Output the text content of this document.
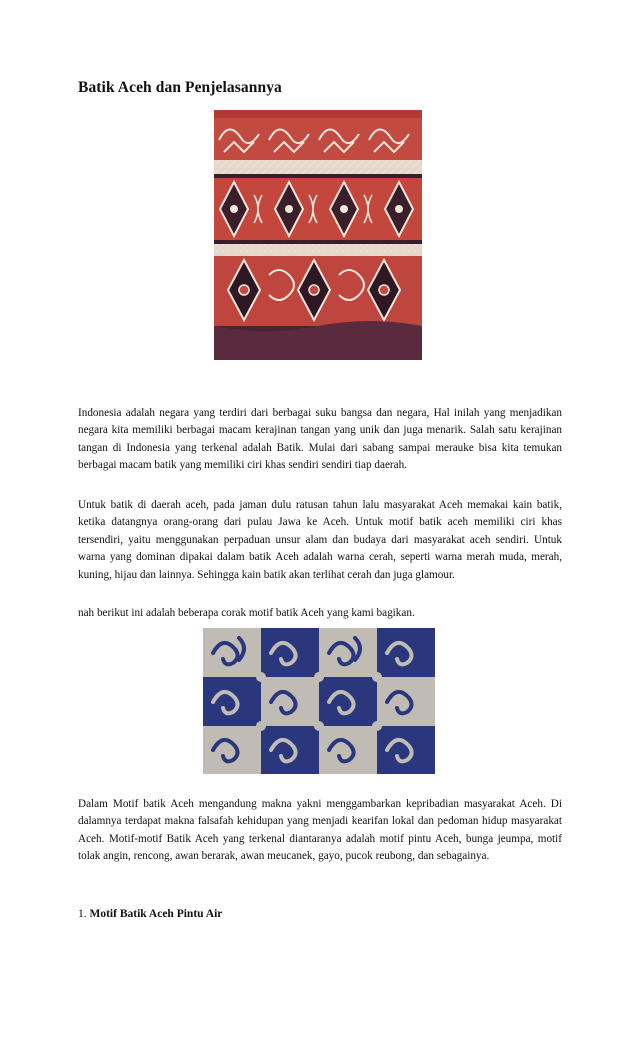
Batik Aceh dan Penjelasannya

Indonesia adalah negara yang terdiri dari berbagai suku bangsa dan negara, Hal inilah yang menjadikan negara kita memiliki berbagai macam kerajinan tangan yang unik dan juga menarik. Salah satu kerajinan tangan di Indonesia yang terkenal adalah Batik. Mulai dari sabang sampai merauke bisa kita temukan berbagai macam batik yang memiliki ciri khas sendiri sendiri tiap daerah.

Untuk batik di daerah aceh, pada jaman dulu ratusan tahun lalu masyarakat Aceh memakai kain batik, ketika datangnya orang-orang dari pulau Jawa ke Aceh. Untuk motif batik aceh memiliki ciri khas tersendiri, yaitu menggunakan perpaduan unsur alam dan budaya dari masyarakat aceh sendiri. Untuk warna yang dominan dipakai dalam batik Aceh adalah warna cerah, seperti warna merah muda, merah, kuning, hijau dan lainnya. Sehingga kain batik akan terlihat cerah dan juga glamour.

nah berikut ini adalah beberapa corak motif batik Aceh yang kami bagikan.

Dalam Motif batik Aceh mengandung makna yakni menggambarkan kepribadian masyarakat Aceh. Di dalamnya terdapat makna falsafah kehidupan yang menjadi kearifan lokal dan pedoman hidup masyarakat Aceh. Motif-motif Batik Aceh yang terkenal diantaranya adalah motif pintu Aceh, bunga jeumpa, motif tolak angin, rencong, awan berarak, awan meucanek, gayo, pucok reubong, dan sebagainya.

1. Motif Batik Aceh Pintu Air
